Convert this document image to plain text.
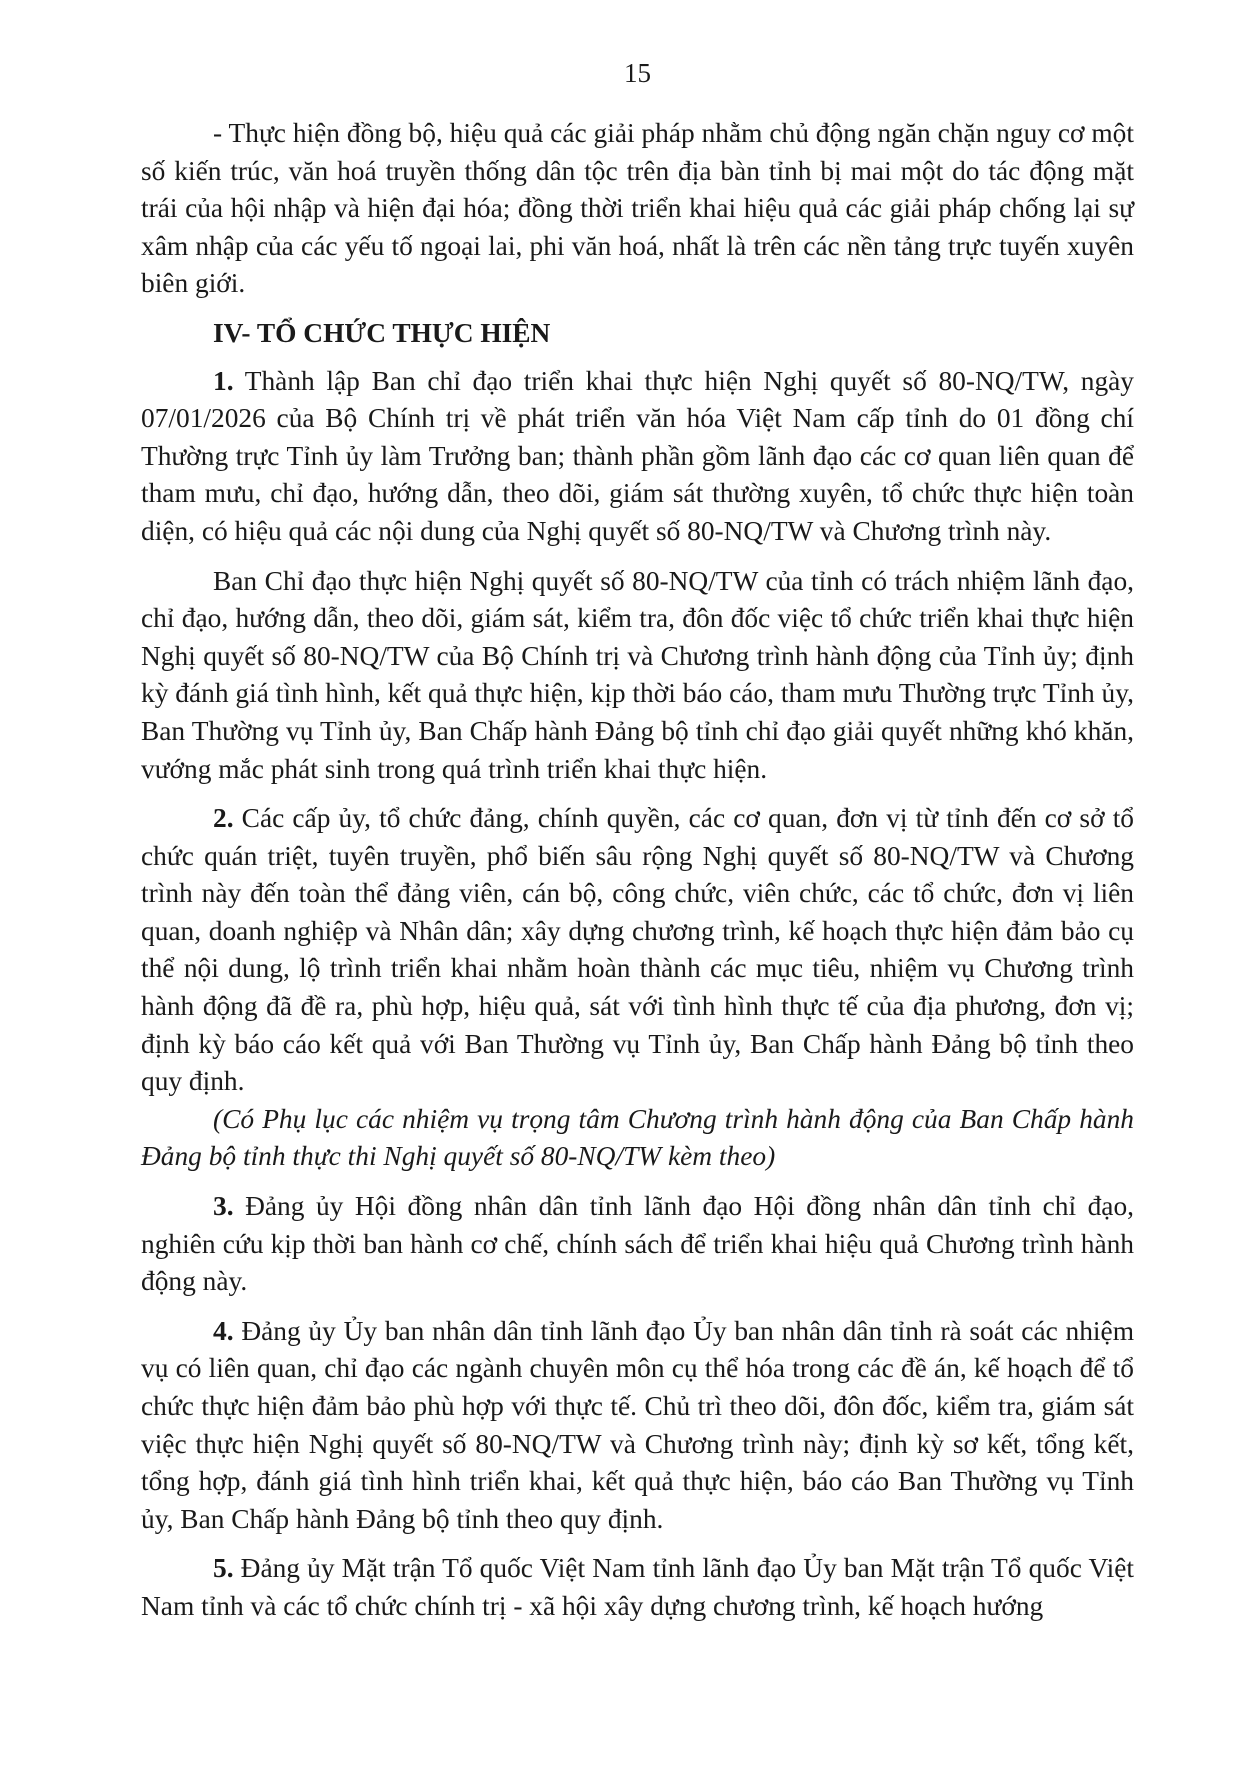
15

- Thực hiện đồng bộ, hiệu quả các giải pháp nhằm chủ động ngăn chặn nguy cơ một số kiến trúc, văn hoá truyền thống dân tộc trên địa bàn tỉnh bị mai một do tác động mặt trái của hội nhập và hiện đại hóa; đồng thời triển khai hiệu quả các giải pháp chống lại sự xâm nhập của các yếu tố ngoại lai, phi văn hoá, nhất là trên các nền tảng trực tuyến xuyên biên giới.

IV- TỔ CHỨC THỰC HIỆN

1. Thành lập Ban chỉ đạo triển khai thực hiện Nghị quyết số 80-NQ/TW, ngày 07/01/2026 của Bộ Chính trị về phát triển văn hóa Việt Nam cấp tỉnh do 01 đồng chí Thường trực Tỉnh ủy làm Trưởng ban; thành phần gồm lãnh đạo các cơ quan liên quan để tham mưu, chỉ đạo, hướng dẫn, theo dõi, giám sát thường xuyên, tổ chức thực hiện toàn diện, có hiệu quả các nội dung của Nghị quyết số 80-NQ/TW và Chương trình này.

Ban Chỉ đạo thực hiện Nghị quyết số 80-NQ/TW của tỉnh có trách nhiệm lãnh đạo, chỉ đạo, hướng dẫn, theo dõi, giám sát, kiểm tra, đôn đốc việc tổ chức triển khai thực hiện Nghị quyết số 80-NQ/TW của Bộ Chính trị và Chương trình hành động của Tỉnh ủy; định kỳ đánh giá tình hình, kết quả thực hiện, kịp thời báo cáo, tham mưu Thường trực Tỉnh ủy, Ban Thường vụ Tỉnh ủy, Ban Chấp hành Đảng bộ tỉnh chỉ đạo giải quyết những khó khăn, vướng mắc phát sinh trong quá trình triển khai thực hiện.

2. Các cấp ủy, tổ chức đảng, chính quyền, các cơ quan, đơn vị từ tỉnh đến cơ sở tổ chức quán triệt, tuyên truyền, phổ biến sâu rộng Nghị quyết số 80-NQ/TW và Chương trình này đến toàn thể đảng viên, cán bộ, công chức, viên chức, các tổ chức, đơn vị liên quan, doanh nghiệp và Nhân dân; xây dựng chương trình, kế hoạch thực hiện đảm bảo cụ thể nội dung, lộ trình triển khai nhằm hoàn thành các mục tiêu, nhiệm vụ Chương trình hành động đã đề ra, phù hợp, hiệu quả, sát với tình hình thực tế của địa phương, đơn vị; định kỳ báo cáo kết quả với Ban Thường vụ Tỉnh ủy, Ban Chấp hành Đảng bộ tỉnh theo quy định.

(Có Phụ lục các nhiệm vụ trọng tâm Chương trình hành động của Ban Chấp hành Đảng bộ tỉnh thực thi Nghị quyết số 80-NQ/TW kèm theo)

3. Đảng ủy Hội đồng nhân dân tỉnh lãnh đạo Hội đồng nhân dân tỉnh chỉ đạo, nghiên cứu kịp thời ban hành cơ chế, chính sách để triển khai hiệu quả Chương trình hành động này.

4. Đảng ủy Ủy ban nhân dân tỉnh lãnh đạo Ủy ban nhân dân tỉnh rà soát các nhiệm vụ có liên quan, chỉ đạo các ngành chuyên môn cụ thể hóa trong các đề án, kế hoạch để tổ chức thực hiện đảm bảo phù hợp với thực tế. Chủ trì theo dõi, đôn đốc, kiểm tra, giám sát việc thực hiện Nghị quyết số 80-NQ/TW và Chương trình này; định kỳ sơ kết, tổng kết, tổng hợp, đánh giá tình hình triển khai, kết quả thực hiện, báo cáo Ban Thường vụ Tỉnh ủy, Ban Chấp hành Đảng bộ tỉnh theo quy định.

5. Đảng ủy Mặt trận Tổ quốc Việt Nam tỉnh lãnh đạo Ủy ban Mặt trận Tổ quốc Việt Nam tỉnh và các tổ chức chính trị - xã hội xây dựng chương trình, kế hoạch hướng
